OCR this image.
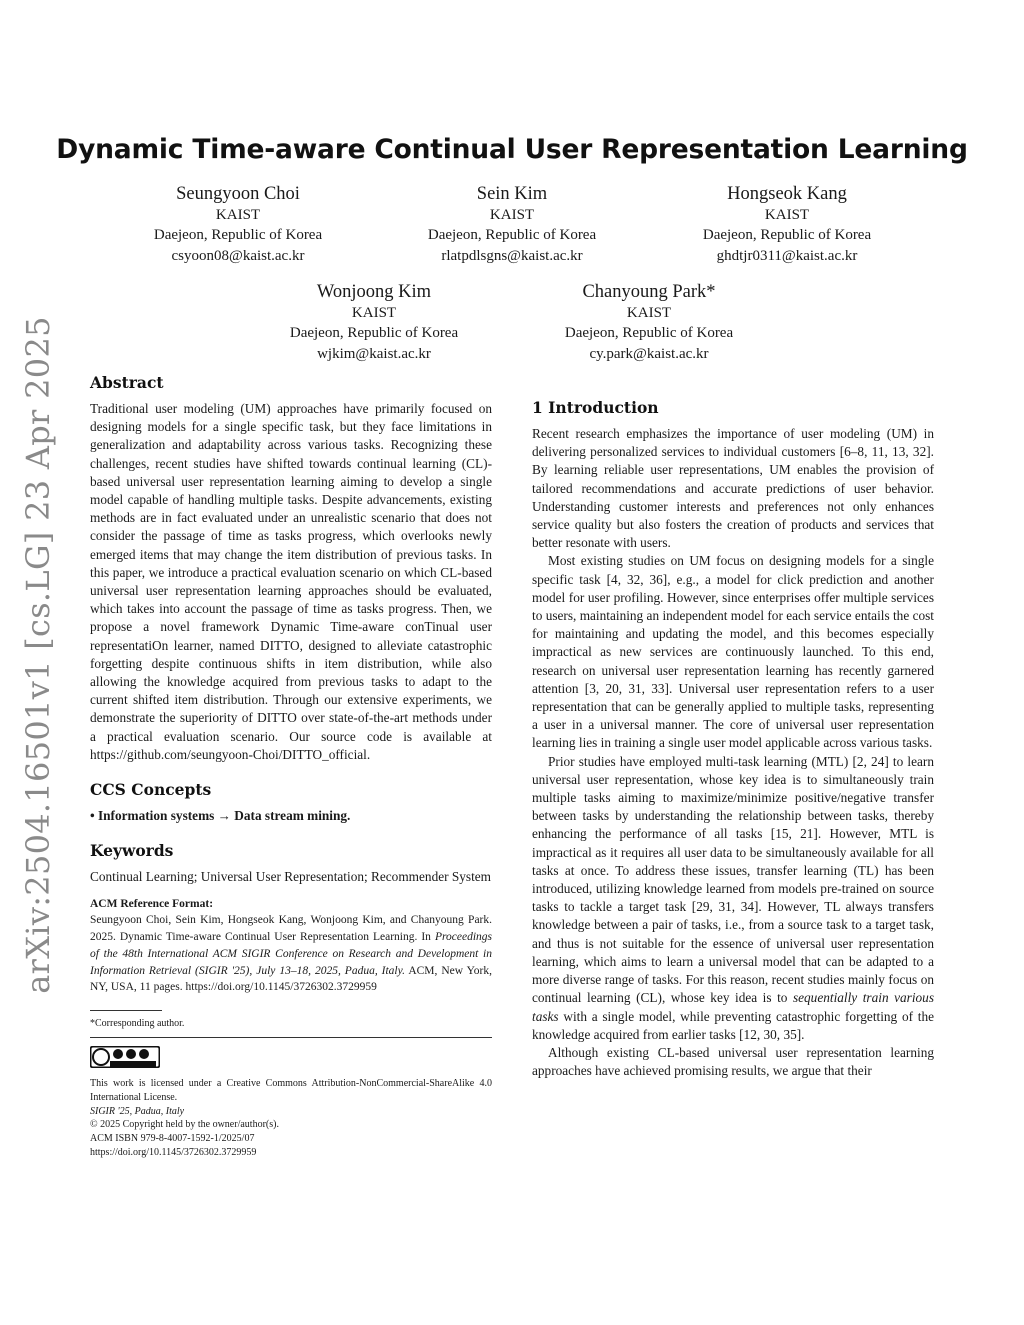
Dynamic Time-aware Continual User Representation Learning
Seungyoon Choi
KAIST
Daejeon, Republic of Korea
csyoon08@kaist.ac.kr
Sein Kim
KAIST
Daejeon, Republic of Korea
rlatpdlsgns@kaist.ac.kr
Hongseok Kang
KAIST
Daejeon, Republic of Korea
ghdtjr0311@kaist.ac.kr
Wonjoong Kim
KAIST
Daejeon, Republic of Korea
wjkim@kaist.ac.kr
Chanyoung Park*
KAIST
Daejeon, Republic of Korea
cy.park@kaist.ac.kr
arXiv:2504.16501v1 [cs.LG] 23 Apr 2025 Abstract

Traditional user modeling (UM) approaches have primarily focused on designing models for a single specific task, but they face limitations in generalization and adaptability across various tasks. Recognizing these challenges, recent studies have shifted towards continual learning (CL)-based universal user representation learning aiming to develop a single model capable of handling multiple tasks. Despite advancements, existing methods are in fact evaluated under an unrealistic scenario that does not consider the passage of time as tasks progress, which overlooks newly emerged items that may change the item distribution of previous tasks. In this paper, we introduce a practical evaluation scenario on which CL-based universal user representation learning approaches should be evaluated, which takes into account the passage of time as tasks progress. Then, we propose a novel framework Dynamic Time-aware conTinual user representatiOn learner, named DITTO, designed to alleviate catastrophic forgetting despite continuous shifts in item distribution, while also allowing the knowledge acquired from previous tasks to adapt to the current shifted item distribution. Through our extensive experiments, we demonstrate the superiority of DITTO over state-of-the-art methods under a practical evaluation scenario. Our source code is available at https://github.com/seungyoon-Choi/DITTO_official.

CCS Concepts

• Information systems → Data stream mining.

Keywords

Continual Learning; Universal User Representation; Recommender System

ACM Reference Format:

Seungyoon Choi, Sein Kim, Hongseok Kang, Wonjoong Kim, and Chanyoung Park. 2025. Dynamic Time-aware Continual User Representation Learning. In Proceedings of the 48th International ACM SIGIR Conference on Research and Development in Information Retrieval (SIGIR '25), July 13–18, 2025, Padua, Italy. ACM, New York, NY, USA, 11 pages. https://doi.org/10.1145/3726302.3729959

*Corresponding author.

This work is licensed under a Creative Commons Attribution-NonCommercial-ShareAlike 4.0 International License.

SIGIR '25, Padua, Italy

© 2025 Copyright held by the owner/author(s).

ACM ISBN 979-8-4007-1592-1/2025/07

https://doi.org/10.1145/3726302.3729959

1 Introduction

Recent research emphasizes the importance of user modeling (UM) in delivering personalized services to individual customers [6–8, 11, 13, 32]. By learning reliable user representations, UM enables the provision of tailored recommendations and accurate predictions of user behavior. Understanding customer interests and preferences not only enhances service quality but also fosters the creation of products and services that better resonate with users.

Most existing studies on UM focus on designing models for a single specific task [4, 32, 36], e.g., a model for click prediction and another model for user profiling. However, since enterprises offer multiple services to users, maintaining an independent model for each service entails the cost for maintaining and updating the model, and this becomes especially impractical as new services are continuously launched. To this end, research on universal user representation learning has recently garnered attention [3, 20, 31, 33]. Universal user representation refers to a user representation that can be generally applied to multiple tasks, representing a user in a universal manner. The core of universal user representation learning lies in training a single user model applicable across various tasks.

Prior studies have employed multi-task learning (MTL) [2, 24] to learn universal user representation, whose key idea is to simultaneously train multiple tasks aiming to maximize/minimize positive/negative transfer between tasks by understanding the relationship between tasks, thereby enhancing the performance of all tasks [15, 21]. However, MTL is impractical as it requires all user data to be simultaneously available for all tasks at once. To address these issues, transfer learning (TL) has been introduced, utilizing knowledge learned from models pre-trained on source tasks to tackle a target task [29, 31, 34]. However, TL always transfers knowledge between a pair of tasks, i.e., from a source task to a target task, and thus is not suitable for the essence of universal user representation learning, which aims to learn a universal model that can be adapted to a more diverse range of tasks. For this reason, recent studies mainly focus on continual learning (CL), whose key idea is to sequentially train various tasks with a single model, while preventing catastrophic forgetting of the knowledge acquired from earlier tasks [12, 30, 35].

Although existing CL-based universal user representation learning approaches have achieved promising results, we argue that their
